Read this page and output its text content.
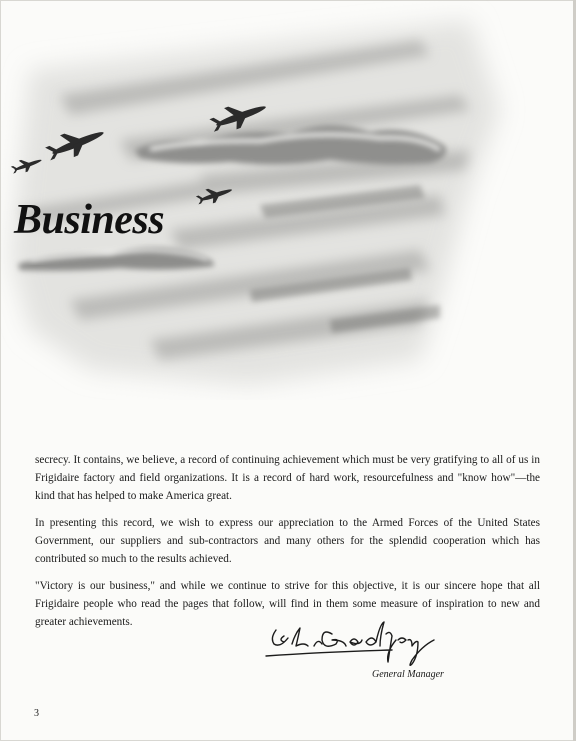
Business

secrecy. It contains, we believe, a record of continuing achievement which must be very gratifying to all of us in Frigidaire factory and field organizations. It is a record of hard work, resourcefulness and "know how"—the kind that has helped to make America great.

In presenting this record, we wish to express our appreciation to the Armed Forces of the United States Government, our suppliers and sub-contractors and many others for the splendid cooperation which has contributed so much to the results achieved.

"Victory is our business," and while we continue to strive for this objective, it is our sincere hope that all Frigidaire people who read the pages that follow, will find in them some measure of inspiration to new and greater achievements.

General Manager
3
